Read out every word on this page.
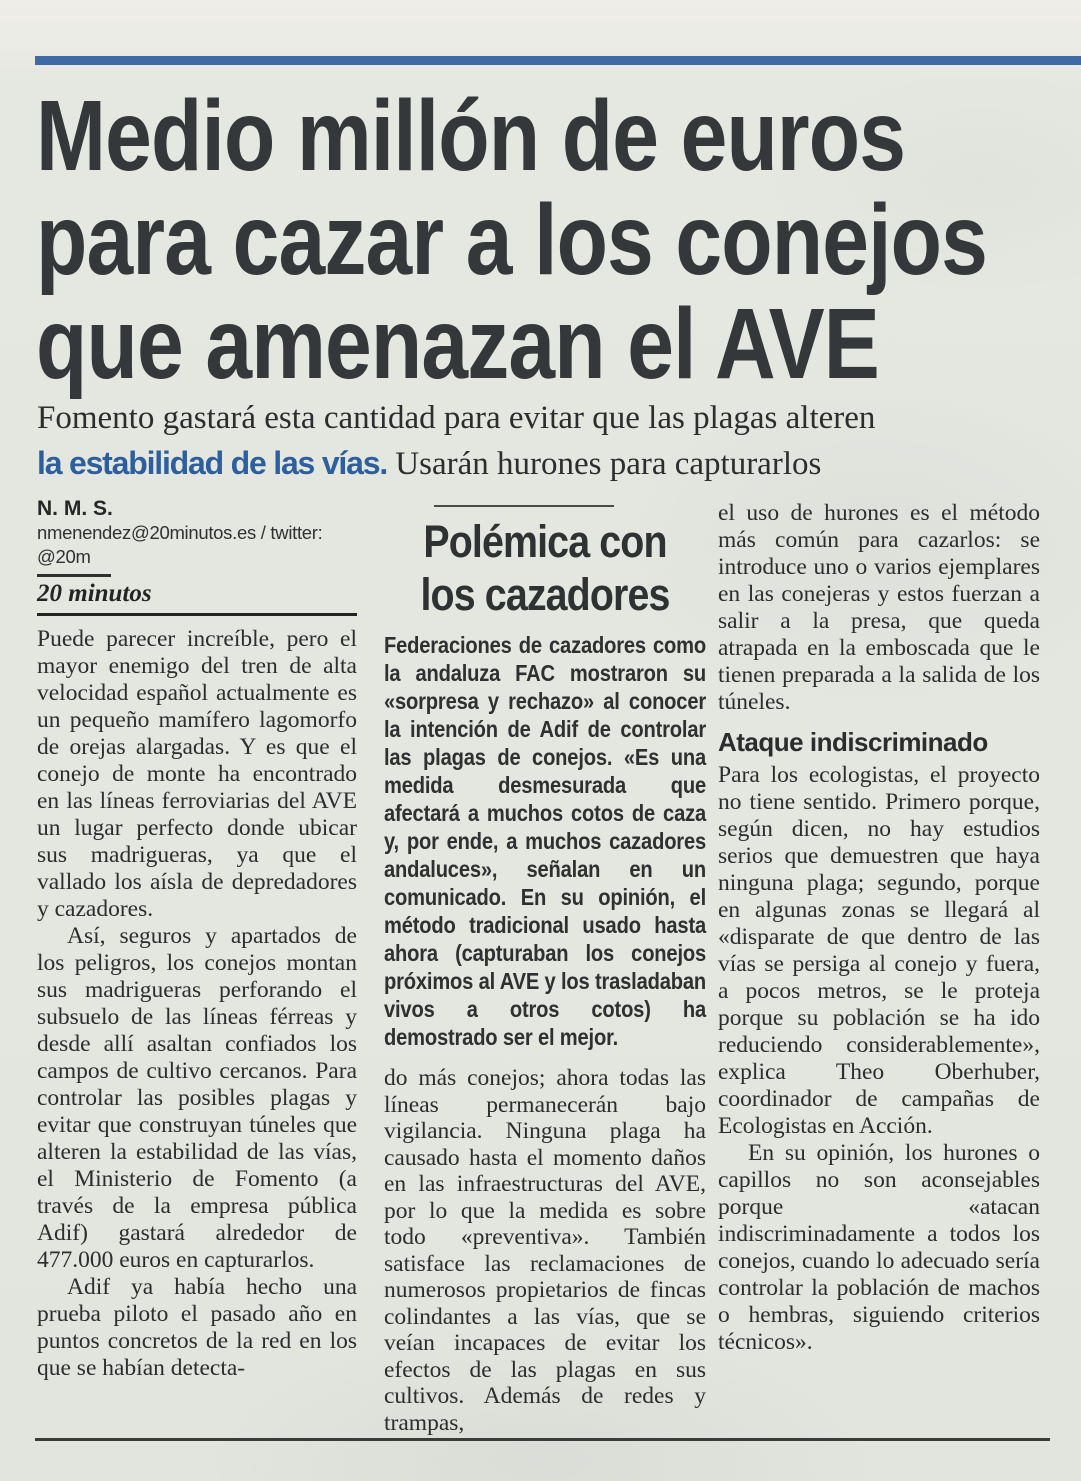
Medio millón de euros
para cazar a los conejos
que amenazan el AVE

Fomento gastará esta cantidad para evitar que las plagas alteren
la estabilidad de las vías. Usarán hurones para capturarlos

N. M. S.
nmenendez@20minutos.es / twitter: @20m
20 minutos

Puede parecer increíble, pero el mayor enemigo del tren de alta velocidad español actualmente es un pequeño mamífero lagomorfo de orejas alargadas. Y es que el conejo de monte ha encontrado en las líneas ferroviarias del AVE un lugar perfecto donde ubicar sus madrigueras, ya que el vallado los aísla de depredadores y cazadores.

Así, seguros y apartados de los peligros, los conejos montan sus madrigueras perforando el subsuelo de las líneas férreas y desde allí asaltan confiados los campos de cultivo cercanos. Para controlar las posibles plagas y evitar que construyan túneles que alteren la estabilidad de las vías, el Ministerio de Fomento (a través de la empresa pública Adif) gastará alrededor de 477.000 euros en capturarlos.

Adif ya había hecho una prueba piloto el pasado año en puntos concretos de la red en los que se habían detecta-

Polémica con
los cazadores

Federaciones de cazadores como la andaluza FAC mostraron su «sorpresa y rechazo» al conocer la intención de Adif de controlar las plagas de conejos. «Es una medida desmesurada que afectará a muchos cotos de caza y, por ende, a muchos cazadores andaluces», señalan en un comunicado. En su opinión, el método tradicional usado hasta ahora (capturaban los conejos próximos al AVE y los trasladaban vivos a otros cotos) ha demostrado ser el mejor.

do más conejos; ahora todas las líneas permanecerán bajo vigilancia. Ninguna plaga ha causado hasta el momento daños en las infraestructuras del AVE, por lo que la medida es sobre todo «preventiva». También satisface las reclamaciones de numerosos propietarios de fincas colindantes a las vías, que se veían incapaces de evitar los efectos de las plagas en sus cultivos. Además de redes y trampas,

el uso de hurones es el método más común para cazarlos: se introduce uno o varios ejemplares en las conejeras y estos fuerzan a salir a la presa, que queda atrapada en la emboscada que le tienen preparada a la salida de los túneles.

Ataque indiscriminado

Para los ecologistas, el proyecto no tiene sentido. Primero porque, según dicen, no hay estudios serios que demuestren que haya ninguna plaga; segundo, porque en algunas zonas se llegará al «disparate de que dentro de las vías se persiga al conejo y fuera, a pocos metros, se le proteja porque su población se ha ido reduciendo considerablemente», explica Theo Oberhuber, coordinador de campañas de Ecologistas en Acción.

En su opinión, los hurones o capillos no son aconsejables porque «atacan indiscriminadamente a todos los conejos, cuando lo adecuado sería controlar la población de machos o hembras, siguiendo criterios técnicos».
